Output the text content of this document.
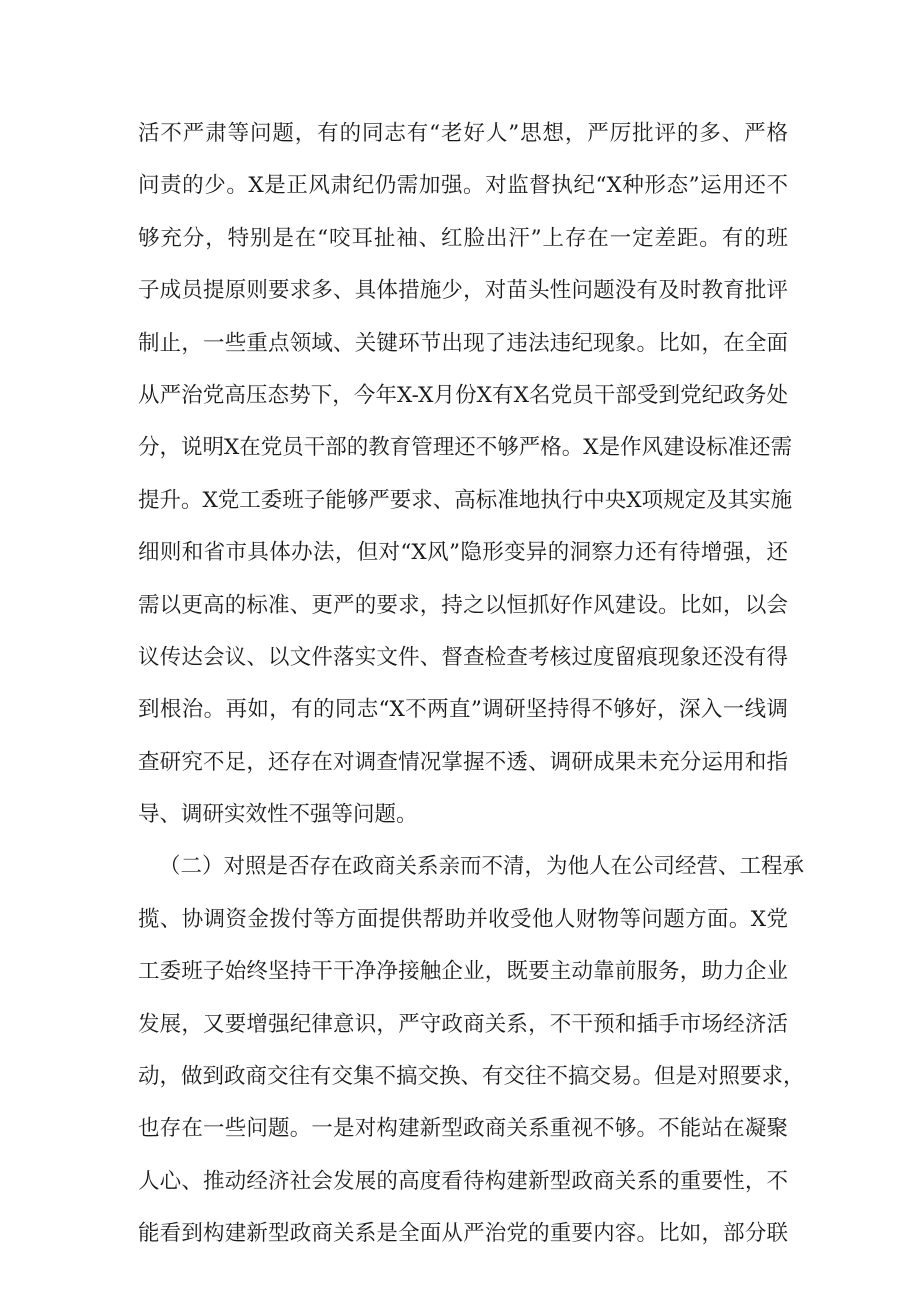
活不严肃等问题，有的同志有“老好人”思想，严厉批评的多、严格
问责的少。X是正风肃纪仍需加强。对监督执纪“X种形态”运用还不
够充分，特别是在“咬耳扯袖、红脸出汗”上存在一定差距。有的班
子成员提原则要求多、具体措施少，对苗头性问题没有及时教育批评
制止，一些重点领域、关键环节出现了违法违纪现象。比如，在全面
从严治党高压态势下，今年X-X月份X有X名党员干部受到党纪政务处
分，说明X在党员干部的教育管理还不够严格。X是作风建设标准还需
提升。X党工委班子能够严要求、高标准地执行中央X项规定及其实施
细则和省市具体办法，但对“X风”隐形变异的洞察力还有待增强，还
需以更高的标准、更严的要求，持之以恒抓好作风建设。比如，以会
议传达会议、以文件落实文件、督查检查考核过度留痕现象还没有得
到根治。再如，有的同志“X不两直”调研坚持得不够好，深入一线调
查研究不足，还存在对调查情况掌握不透、调研成果未充分运用和指
导、调研实效性不强等问题。
（二）对照是否存在政商关系亲而不清，为他人在公司经营、工程承
揽、协调资金拨付等方面提供帮助并收受他人财物等问题方面。X党
工委班子始终坚持干干净净接触企业，既要主动靠前服务，助力企业
发展，又要增强纪律意识，严守政商关系，不干预和插手市场经济活
动，做到政商交往有交集不搞交换、有交往不搞交易。但是对照要求，
也存在一些问题。一是对构建新型政商关系重视不够。不能站在凝聚
人心、推动经济社会发展的高度看待构建新型政商关系的重要性，不
能看到构建新型政商关系是全面从严治党的重要内容。比如，部分联
